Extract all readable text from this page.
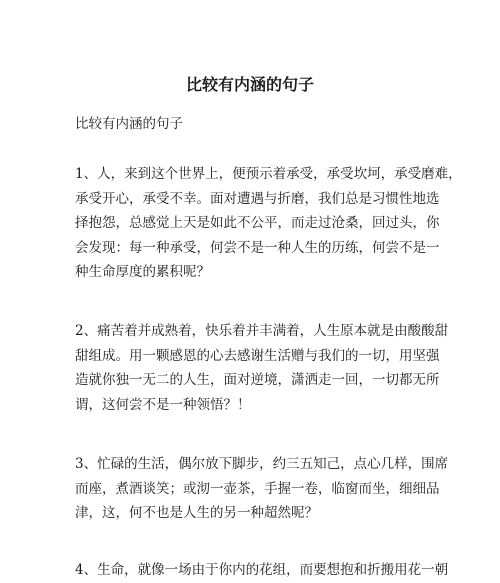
比较有内涵的句子

比较有内涵的句子

1、人，来到这个世界上，便预示着承受，承受坎坷，承受磨难，
承受开心，承受不幸。面对遭遇与折磨，我们总是习惯性地选
择抱怨，总感觉上天是如此不公平，而走过沧桑，回过头，你
会发现：每一种承受，何尝不是一种人生的历练，何尝不是一
种生命厚度的累积呢？
2、痛苦着并成熟着，快乐着并丰满着，人生原本就是由酸酸甜
甜组成。用一颗感恩的心去感谢生活赠与我们的一切，用坚强
造就你独一无二的人生，面对逆境，潇洒走一回，一切都无所
谓，这何尝不是一种领悟？！
3、忙碌的生活，偶尔放下脚步，约三五知己，点心几样，围席
而座，煮酒谈笑；或沏一壶茶，手握一卷，临窗而坐，细细品
津，这，何不也是人生的另一种超然呢？
4、生命，就像一场由于你内的花组，而要想抱和折搬用花一朝
